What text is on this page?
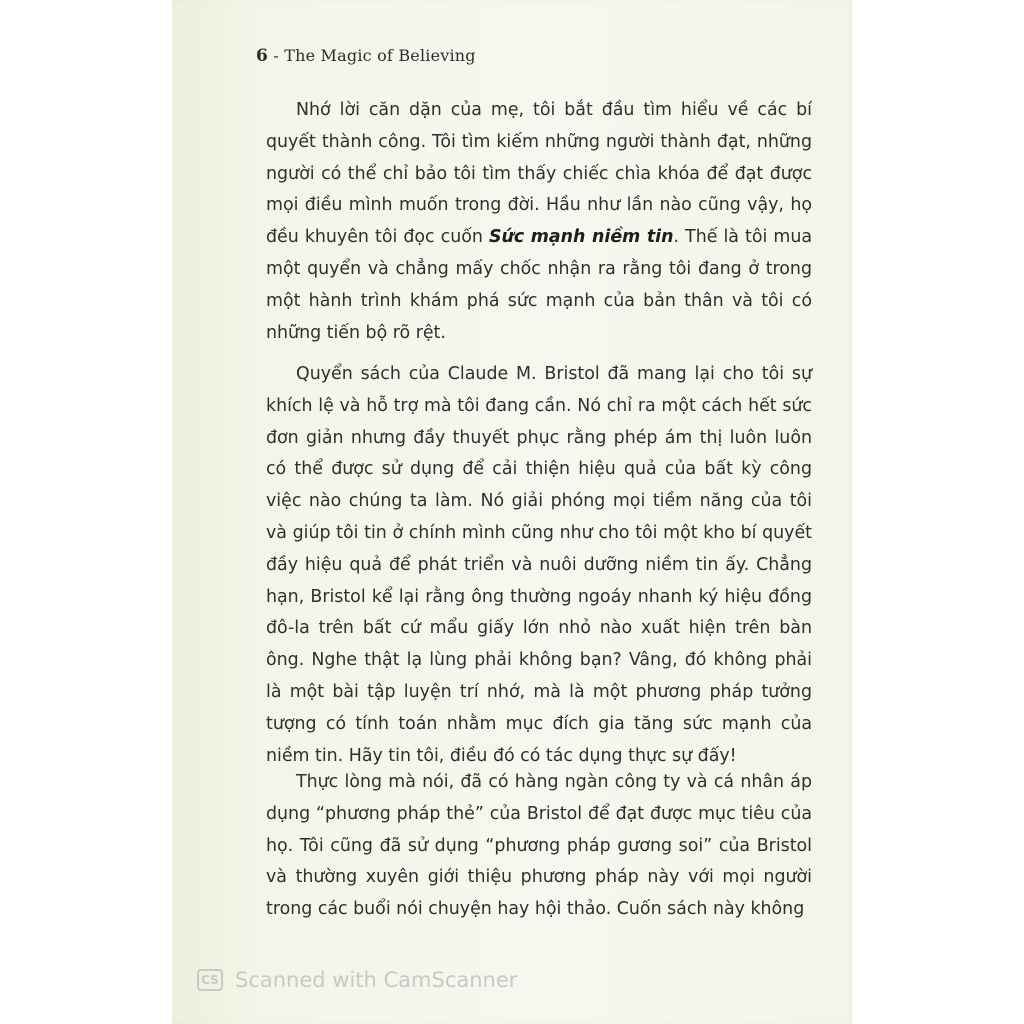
6 - The Magic of Believing

Nhớ lời căn dặn của mẹ, tôi bắt đầu tìm hiểu về các bí quyết thành công. Tôi tìm kiếm những người thành đạt, những người có thể chỉ bảo tôi tìm thấy chiếc chìa khóa để đạt được mọi điều mình muốn trong đời. Hầu như lần nào cũng vậy, họ đều khuyên tôi đọc cuốn Sức mạnh niềm tin. Thế là tôi mua một quyển và chẳng mấy chốc nhận ra rằng tôi đang ở trong một hành trình khám phá sức mạnh của bản thân và tôi có những tiến bộ rõ rệt.

Quyển sách của Claude M. Bristol đã mang lại cho tôi sự khích lệ và hỗ trợ mà tôi đang cần. Nó chỉ ra một cách hết sức đơn giản nhưng đầy thuyết phục rằng phép ám thị luôn luôn có thể được sử dụng để cải thiện hiệu quả của bất kỳ công việc nào chúng ta làm. Nó giải phóng mọi tiềm năng của tôi và giúp tôi tin ở chính mình cũng như cho tôi một kho bí quyết đầy hiệu quả để phát triển và nuôi dưỡng niềm tin ấy. Chẳng hạn, Bristol kể lại rằng ông thường ngoáy nhanh ký hiệu đồng đô-la trên bất cứ mẩu giấy lớn nhỏ nào xuất hiện trên bàn ông. Nghe thật lạ lùng phải không bạn? Vâng, đó không phải là một bài tập luyện trí nhớ, mà là một phương pháp tưởng tượng có tính toán nhằm mục đích gia tăng sức mạnh của niềm tin. Hãy tin tôi, điều đó có tác dụng thực sự đấy!

Thực lòng mà nói, đã có hàng ngàn công ty và cá nhân áp dụng “phương pháp thẻ” của Bristol để đạt được mục tiêu của họ. Tôi cũng đã sử dụng “phương pháp gương soi” của Bristol và thường xuyên giới thiệu phương pháp này với mọi người trong các buổi nói chuyện hay hội thảo. Cuốn sách này không

CS Scanned with CamScanner
